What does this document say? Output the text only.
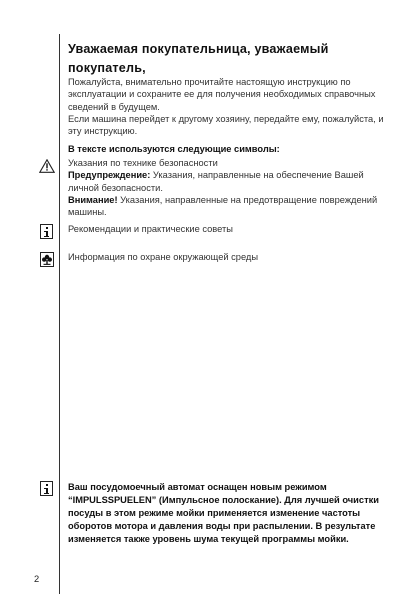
Уважаемая покупательница, уважаемый покупатель,

Пожалуйста, внимательно прочитайте настоящую инструкцию по эксплуатации и сохраните ее для получения необходимых справочных сведений в будущем.

Если машина перейдет к другому хозяину, передайте ему, пожалуйста, и эту инструкцию.

В тексте используются следующие символы:

Указания по технике безопасности

Предупреждение: Указания, направленные на обеспечение Вашей личной безопасности.

Внимание! Указания, направленные на предотвращение повреждений машины.

Рекомендации и практические советы
Информация по охране окружающей среды
Ваш посудомоечный автомат оснащен новым режимом “IMPULSSPUELEN” (Импульсное полоскание). Для лучшей очистки посуды в этом режиме мойки применяется изменение частоты оборотов мотора и давления воды при распылении. В результате изменяется также уровень шума текущей программы мойки.
2
